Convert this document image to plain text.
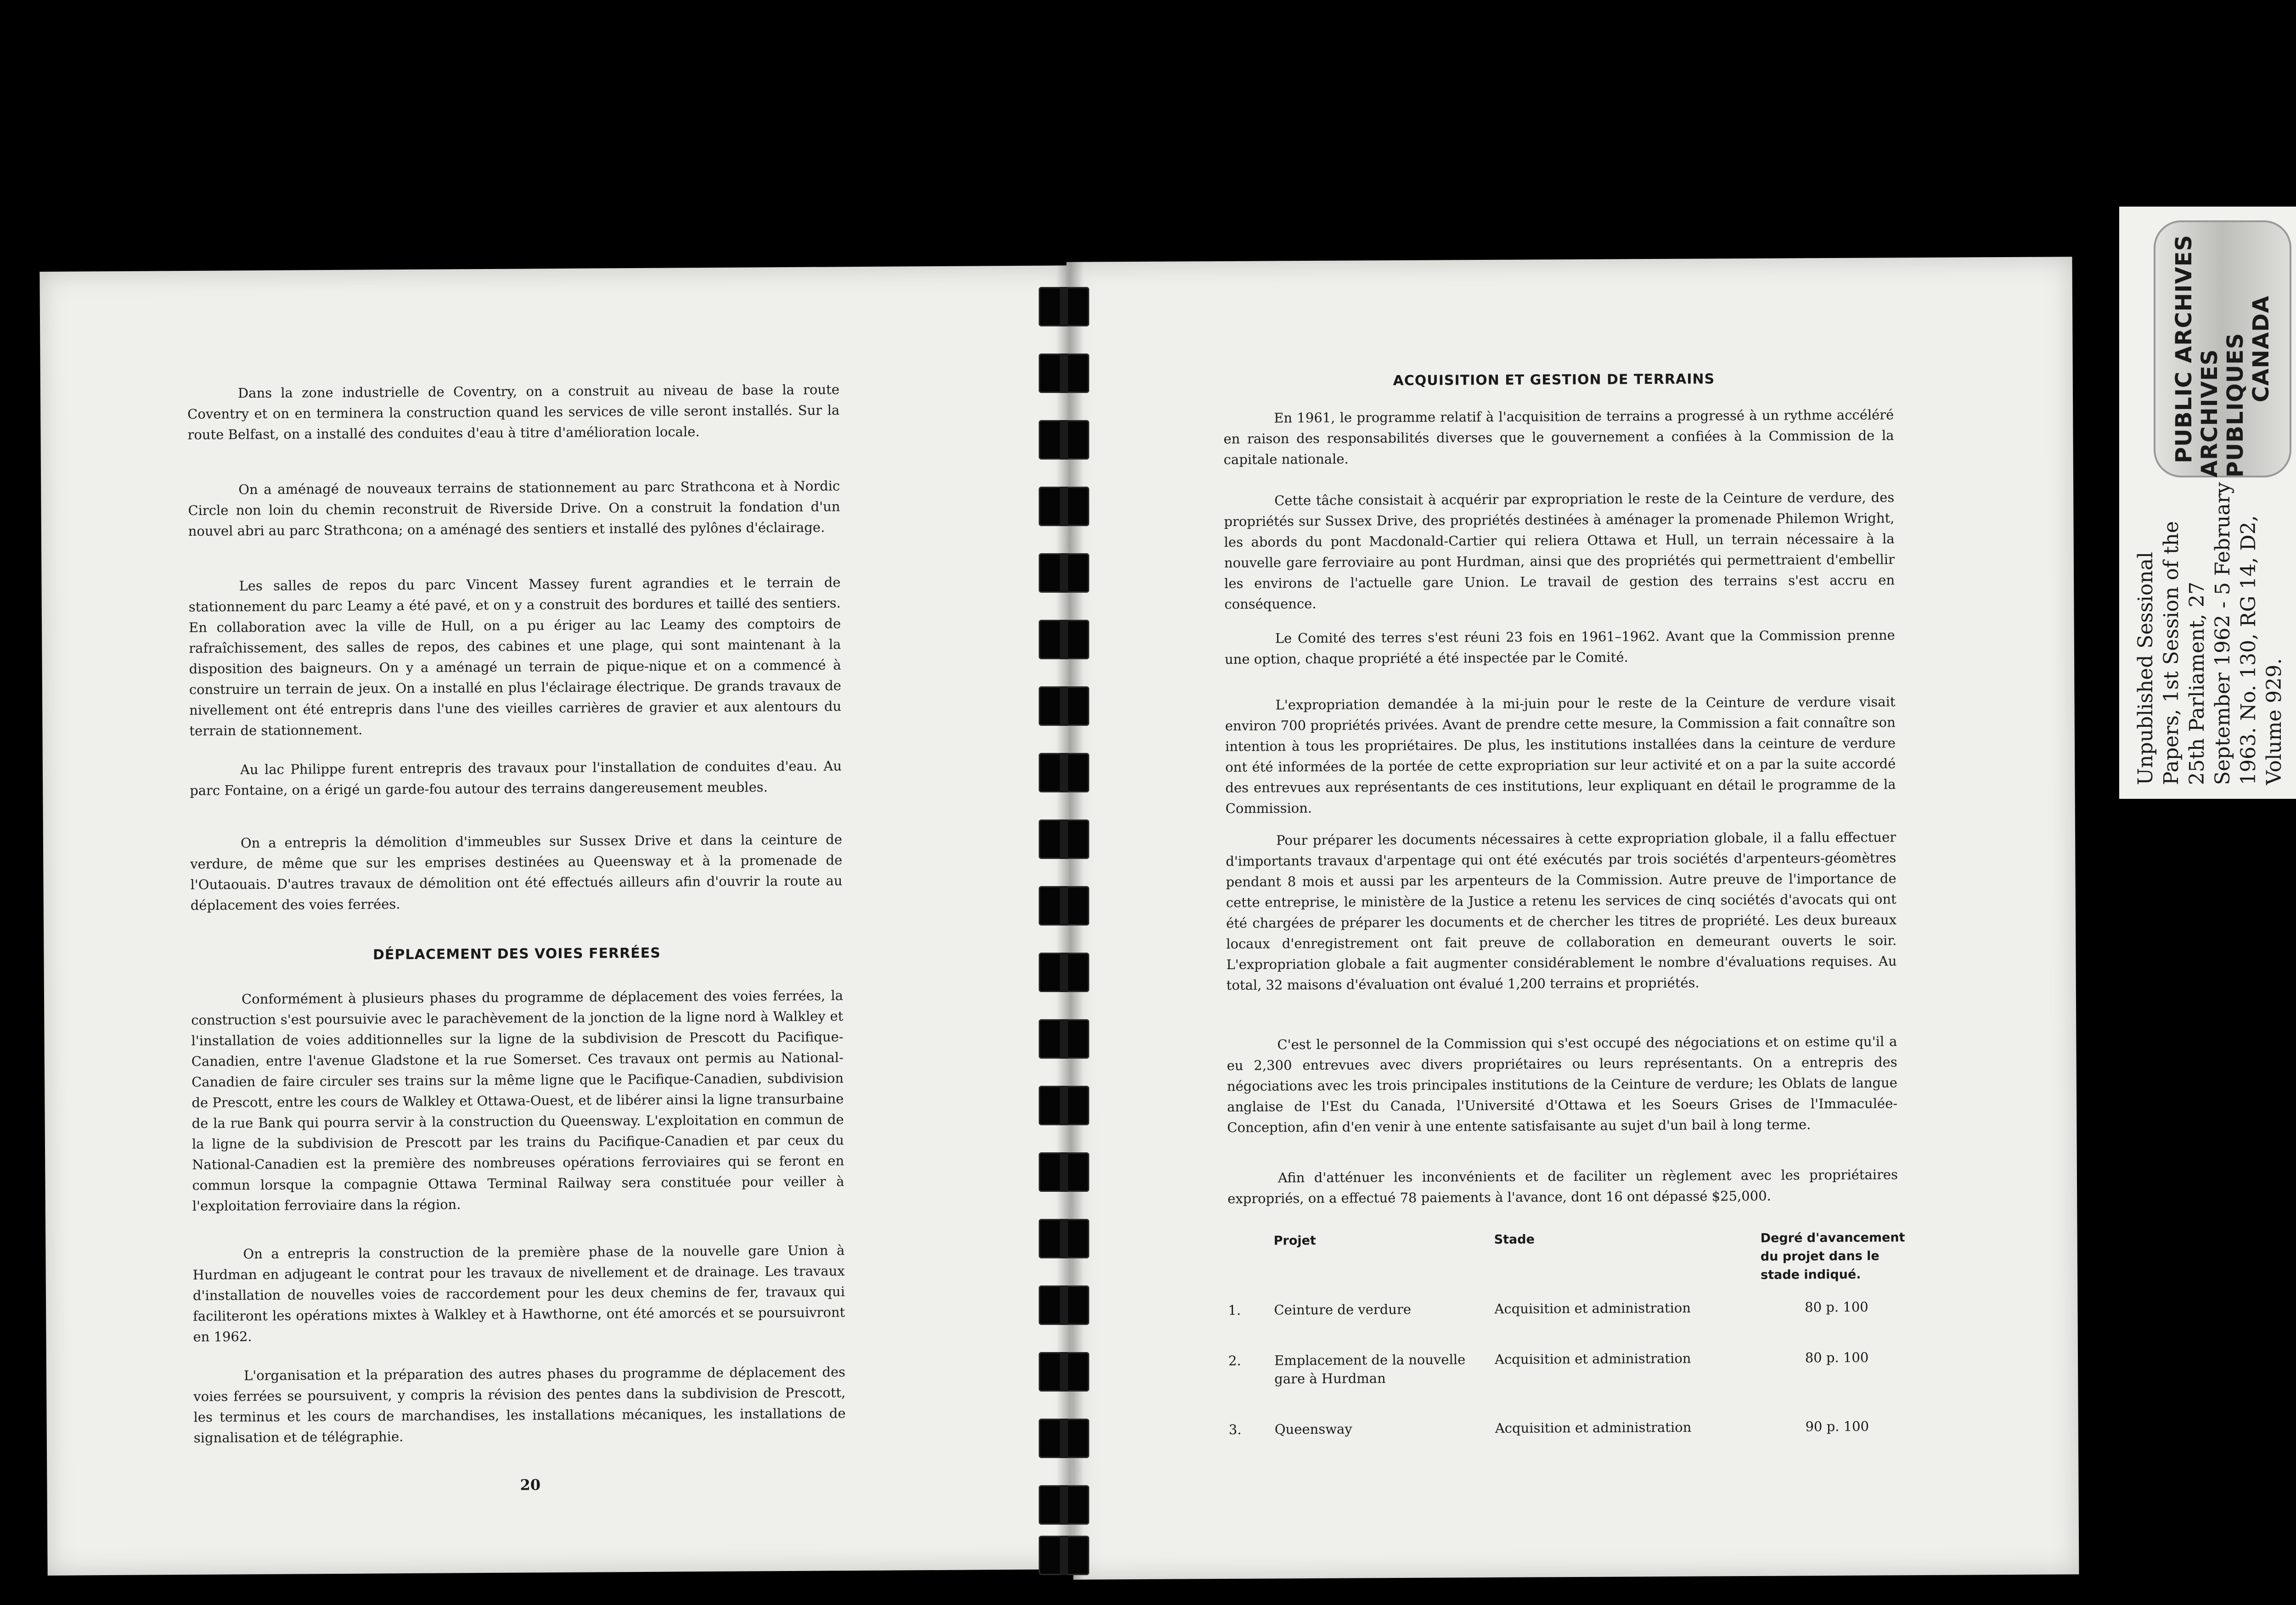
Dans la zone industrielle de Coventry, on a construit au niveau de base la route Coventry et on en terminera la construction quand les services de ville seront installés. Sur la route Belfast, on a installé des conduites d'eau à titre d'amélioration locale.

On a aménagé de nouveaux terrains de stationnement au parc Strathcona et à Nordic Circle non loin du chemin reconstruit de Riverside Drive. On a construit la fondation d'un nouvel abri au parc Strathcona; on a aménagé des sentiers et installé des pylônes d'éclairage.

Les salles de repos du parc Vincent Massey furent agrandies et le terrain de stationnement du parc Leamy a été pavé, et on y a construit des bordures et taillé des sentiers. En collaboration avec la ville de Hull, on a pu ériger au lac Leamy des comptoirs de rafraîchissement, des salles de repos, des cabines et une plage, qui sont maintenant à la disposition des baigneurs. On y a aménagé un terrain de pique-nique et on a commencé à construire un terrain de jeux. On a installé en plus l'éclairage électrique. De grands travaux de nivellement ont été entrepris dans l'une des vieilles carrières de gravier et aux alentours du terrain de stationnement.

Au lac Philippe furent entrepris des travaux pour l'installation de conduites d'eau. Au parc Fontaine, on a érigé un garde-fou autour des terrains dangereusement meubles.

On a entrepris la démolition d'immeubles sur Sussex Drive et dans la ceinture de verdure, de même que sur les emprises destinées au Queensway et à la promenade de l'Outaouais. D'autres travaux de démolition ont été effectués ailleurs afin d'ouvrir la route au déplacement des voies ferrées.

DÉPLACEMENT DES VOIES FERRÉES

Conformément à plusieurs phases du programme de déplacement des voies ferrées, la construction s'est poursuivie avec le parachèvement de la jonction de la ligne nord à Walkley et l'installation de voies additionnelles sur la ligne de la subdivision de Prescott du Pacifique-Canadien, entre l'avenue Gladstone et la rue Somerset. Ces travaux ont permis au National-Canadien de faire circuler ses trains sur la même ligne que le Pacifique-Canadien, subdivision de Prescott, entre les cours de Walkley et Ottawa-Ouest, et de libérer ainsi la ligne transurbaine de la rue Bank qui pourra servir à la construction du Queensway. L'exploitation en commun de la ligne de la subdivision de Prescott par les trains du Pacifique-Canadien et par ceux du National-Canadien est la première des nombreuses opérations ferroviaires qui se feront en commun lorsque la compagnie Ottawa Terminal Railway sera constituée pour veiller à l'exploitation ferroviaire dans la région.

On a entrepris la construction de la première phase de la nouvelle gare Union à Hurdman en adjugeant le contrat pour les travaux de nivellement et de drainage. Les travaux d'installation de nouvelles voies de raccordement pour les deux chemins de fer, travaux qui faciliteront les opérations mixtes à Walkley et à Hawthorne, ont été amorcés et se poursuivront en 1962.

L'organisation et la préparation des autres phases du programme de déplacement des voies ferrées se poursuivent, y compris la révision des pentes dans la subdivision de Prescott, les terminus et les cours de marchandises, les installations mécaniques, les installations de signalisation et de télégraphie.

20
ACQUISITION ET GESTION DE TERRAINS

En 1961, le programme relatif à l'acquisition de terrains a progressé à un rythme accéléré en raison des responsabilités diverses que le gouvernement a confiées à la Commission de la capitale nationale.

Cette tâche consistait à acquérir par expropriation le reste de la Ceinture de verdure, des propriétés sur Sussex Drive, des propriétés destinées à aménager la promenade Philemon Wright, les abords du pont Macdonald-Cartier qui reliera Ottawa et Hull, un terrain nécessaire à la nouvelle gare ferroviaire au pont Hurdman, ainsi que des propriétés qui permettraient d'embellir les environs de l'actuelle gare Union. Le travail de gestion des terrains s'est accru en conséquence.

Le Comité des terres s'est réuni 23 fois en 1961–1962. Avant que la Commission prenne une option, chaque propriété a été inspectée par le Comité.

L'expropriation demandée à la mi-juin pour le reste de la Ceinture de verdure visait environ 700 propriétés privées. Avant de prendre cette mesure, la Commission a fait connaître son intention à tous les propriétaires. De plus, les institutions installées dans la ceinture de verdure ont été informées de la portée de cette expropriation sur leur activité et on a par la suite accordé des entrevues aux représentants de ces institutions, leur expliquant en détail le programme de la Commission.

Pour préparer les documents nécessaires à cette expropriation globale, il a fallu effectuer d'importants travaux d'arpentage qui ont été exécutés par trois sociétés d'arpenteurs-géomètres pendant 8 mois et aussi par les arpenteurs de la Commission. Autre preuve de l'importance de cette entreprise, le ministère de la Justice a retenu les services de cinq sociétés d'avocats qui ont été chargées de préparer les documents et de chercher les titres de propriété. Les deux bureaux locaux d'enregistrement ont fait preuve de collaboration en demeurant ouverts le soir. L'expropriation globale a fait augmenter considérablement le nombre d'évaluations requises. Au total, 32 maisons d'évaluation ont évalué 1,200 terrains et propriétés.

C'est le personnel de la Commission qui s'est occupé des négociations et on estime qu'il a eu 2,300 entrevues avec divers propriétaires ou leurs représentants. On a entrepris des négociations avec les trois principales institutions de la Ceinture de verdure; les Oblats de langue anglaise de l'Est du Canada, l'Université d'Ottawa et les Soeurs Grises de l'Immaculée-Conception, afin d'en venir à une entente satisfaisante au sujet d'un bail à long terme.

Afin d'atténuer les inconvénients et de faciliter un règlement avec les propriétaires expropriés, on a effectué 78 paiements à l'avance, dont 16 ont dépassé $25,000.

	Projet	Stade	Degré d'avancement du projet dans le stade indiqué.
1.	Ceinture de verdure	Acquisition et administration	80 p. 100
2.	Emplacement de la nouvelle gare à Hurdman	Acquisition et administration	80 p. 100
3.	Queensway	Acquisition et administration	90 p. 100
Unpublished Sessional Papers, 1st Session of the 25th Parliament, 27 September 1962 - 5 February 1963. No. 130, RG 14, D2, Volume 929.
PUBLIC ARCHIVES ARCHIVES PUBLIQUES CANADA
